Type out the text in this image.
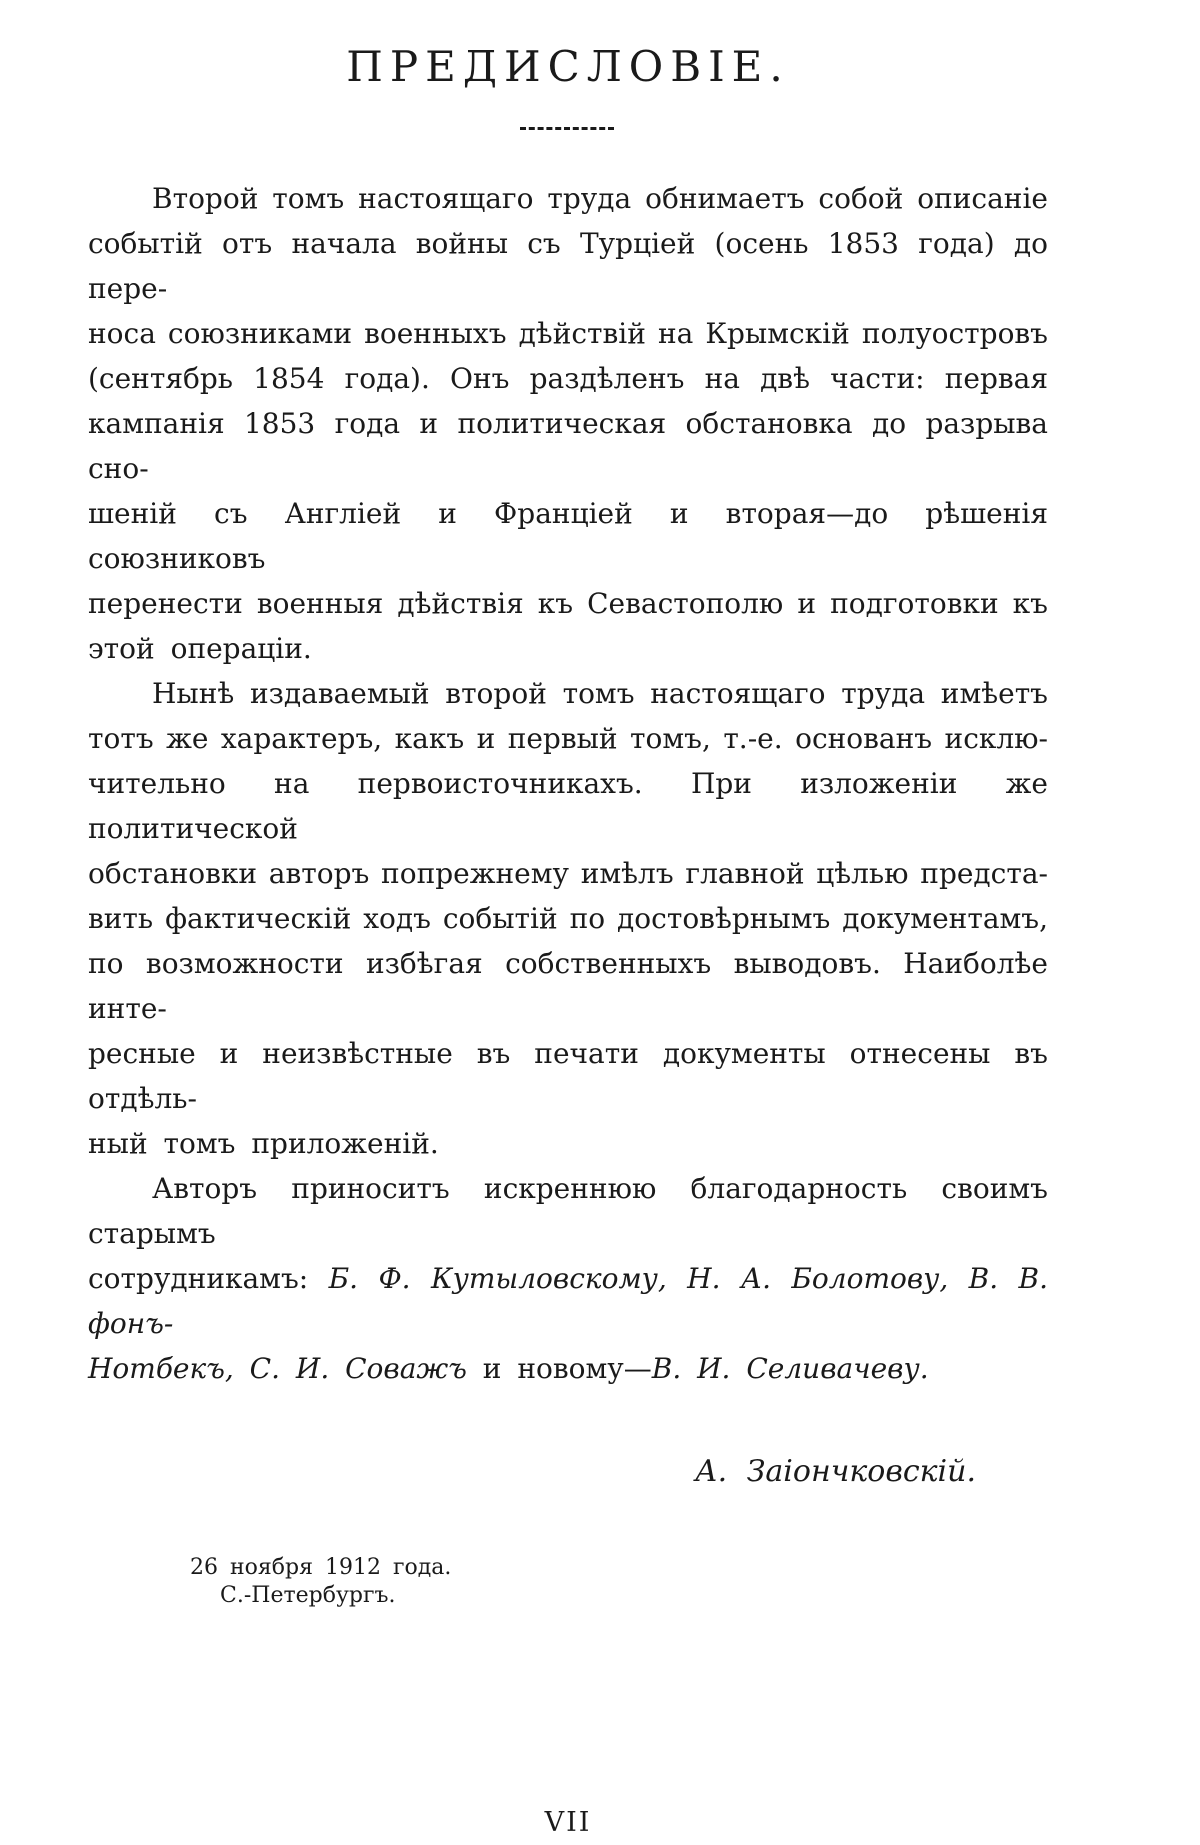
ПРЕДИСЛОВІЕ.

Второй томъ настоящаго труда обнимаетъ собой описаніе

событій отъ начала войны съ Турціей (осень 1853 года) до пере-

носа союзниками военныхъ дѣйствій на Крымскій полуостровъ

(сентябрь 1854 года). Онъ раздѣленъ на двѣ части: первая

кампанія 1853 года и политическая обстановка до разрыва сно-

шеній съ Англіей и Франціей и вторая—до рѣшенія союзниковъ

перенести военныя дѣйствія къ Севастополю и подготовки къ

этой операціи.

Нынѣ издаваемый второй томъ настоящаго труда имѣетъ

тотъ же характеръ, какъ и первый томъ, т.-е. основанъ исклю-

чительно на первоисточникахъ. При изложеніи же политической

обстановки авторъ попрежнему имѣлъ главной цѣлью предста-

вить фактическій ходъ событій по достовѣрнымъ документамъ,

по возможности избѣгая собственныхъ выводовъ. Наиболѣе инте-

ресные и неизвѣстные въ печати документы отнесены въ отдѣль-

ный томъ приложеній.

Авторъ приноситъ искреннюю благодарность своимъ старымъ

сотрудникамъ: Б. Ф. Кутыловскому, Н. А. Болотову, В. В. фонъ-

Нотбекъ, С. И. Соважъ и новому—В. И. Селивачеву.

А. Заіончковскій.
26 ноября 1912 года.
С.-Петербургъ.
VII
